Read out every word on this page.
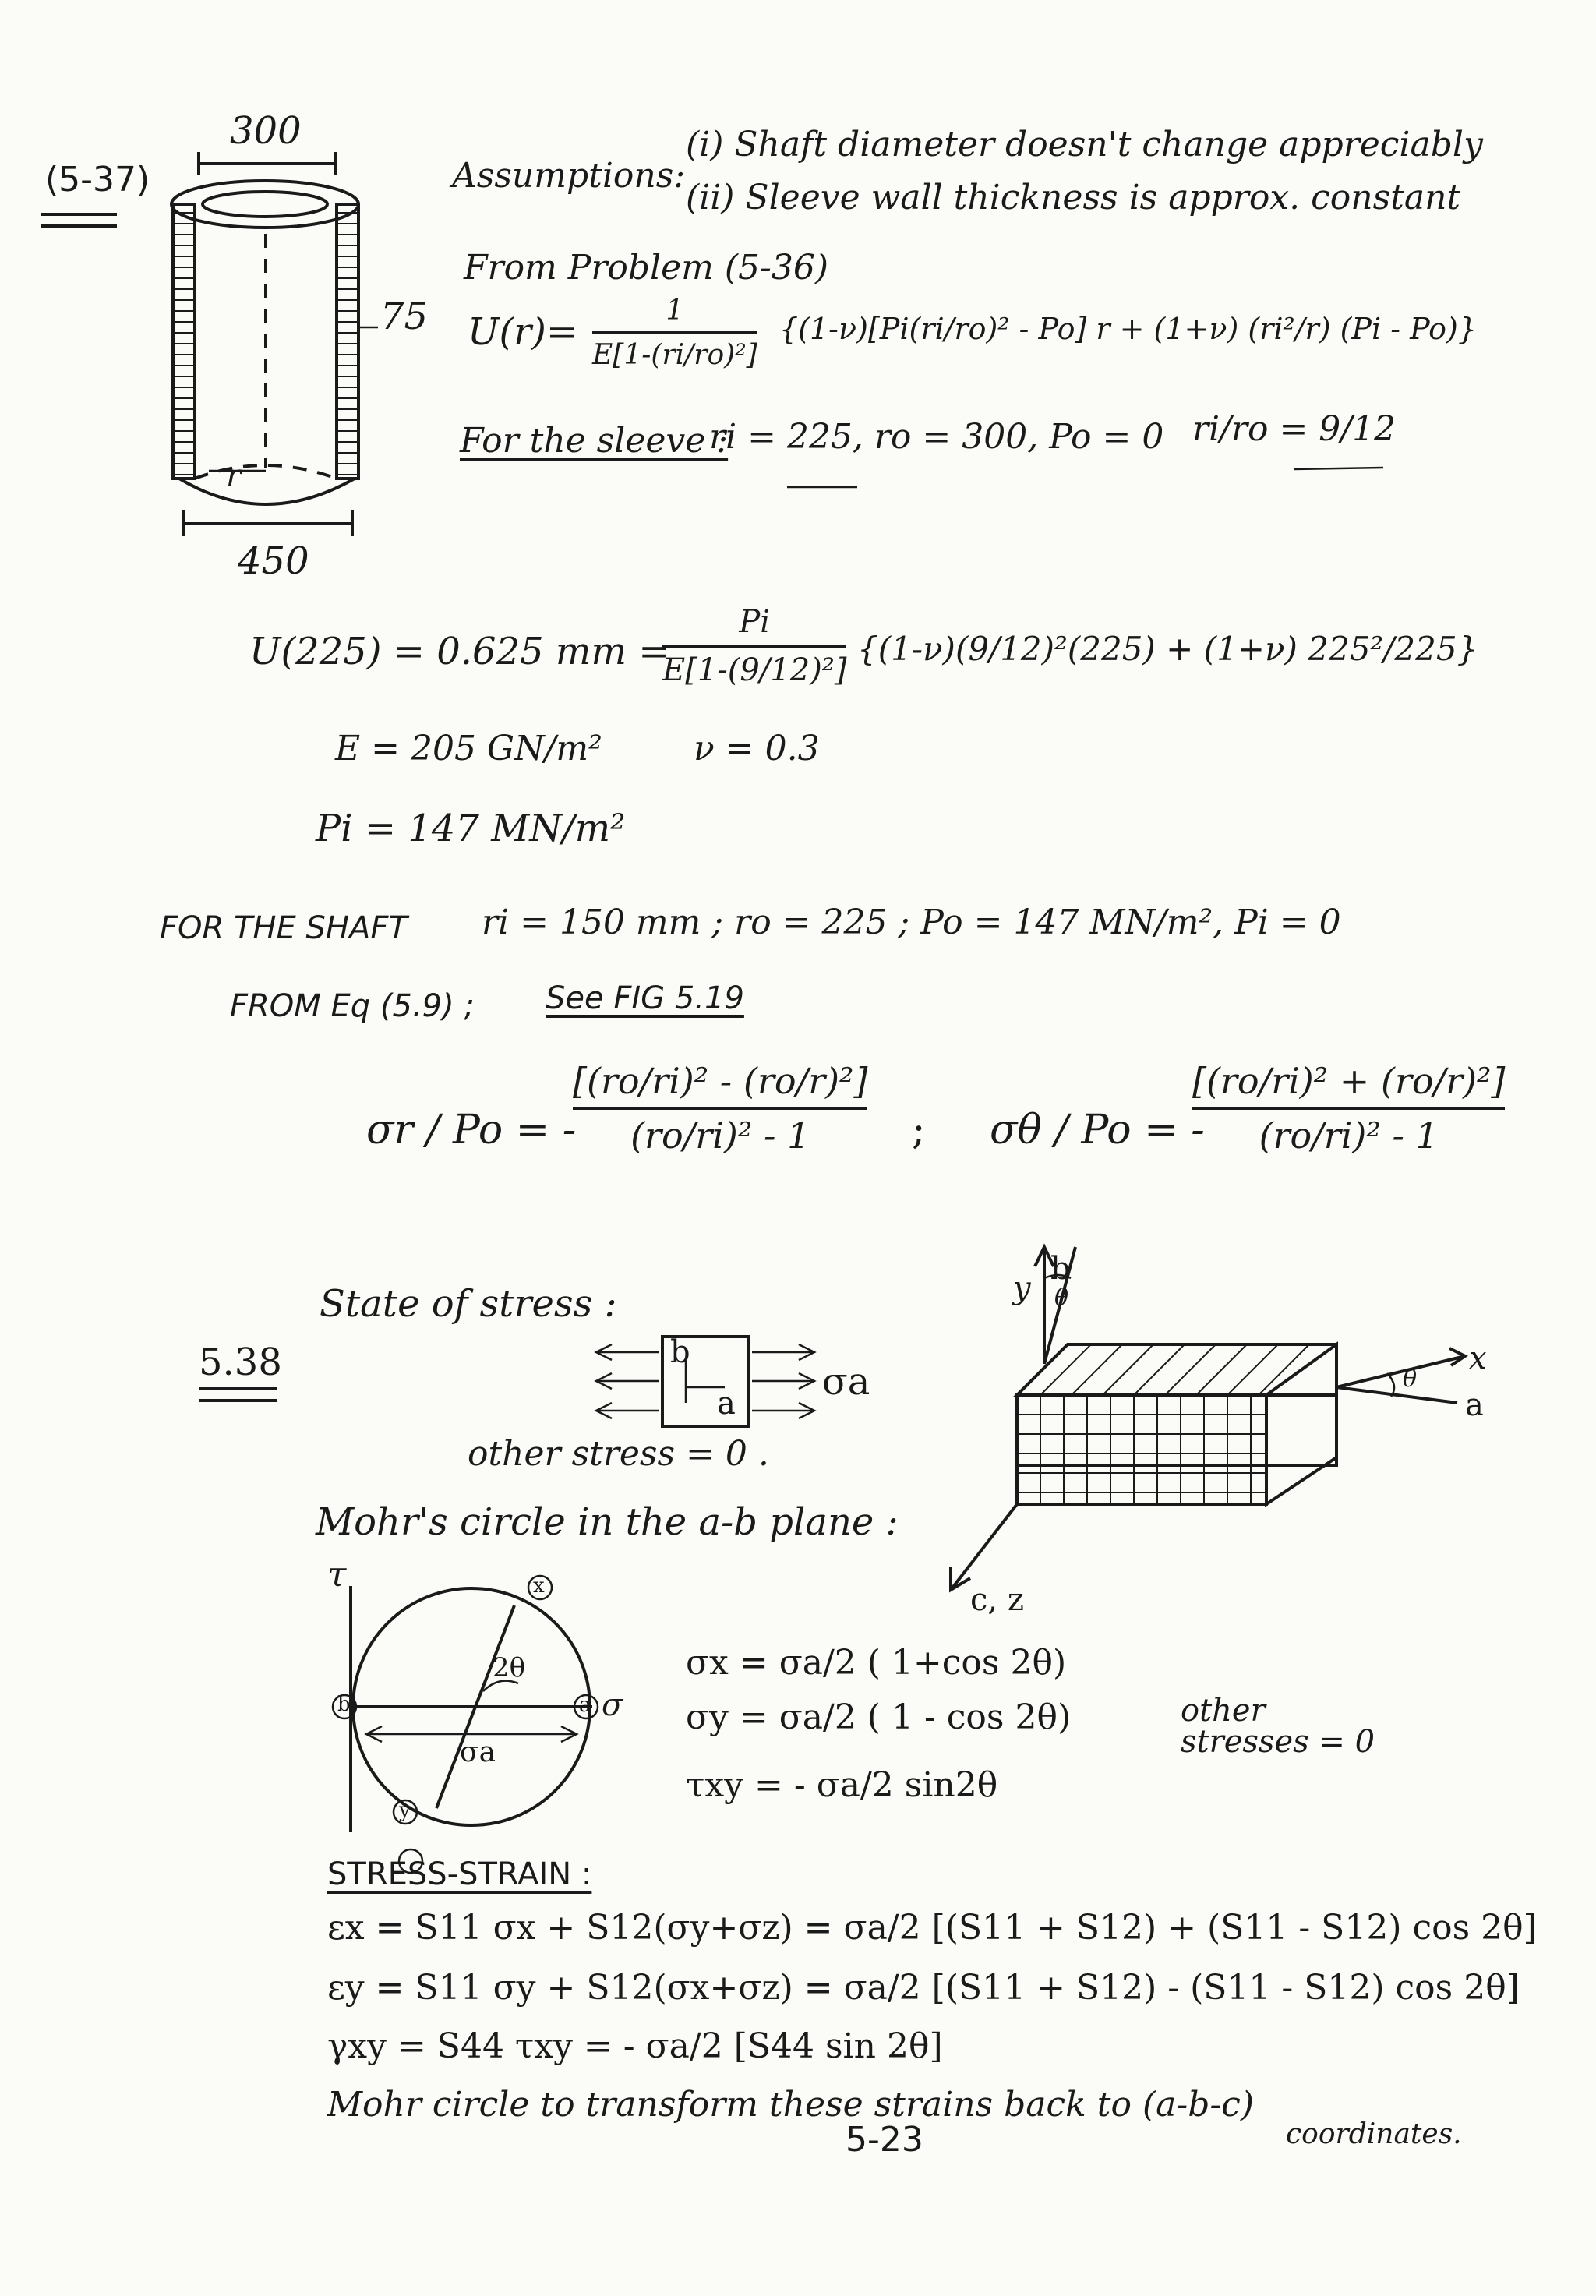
(5-37)
300
75
r
450
Assumptions:
(i) Shaft diameter doesn't change appreciably
(ii) Sleeve wall thickness is approx. constant
From Problem (5-36)
U(r)=	1
E[1-(ri/ro)²]
{(1-ν)[Pi(ri/ro)² - Po] r + (1+ν) (ri²/r) (Pi - Po)}
For the sleeve :
ri = 225, ro = 300, Po = 0 ri/ro = 9/12
U(225) = 0.625 mm =
Pi
E[1-(9/12)²]
{(1-ν)(9/12)²(225) + (1+ν) 225²/225}
E = 205 GN/m²	ν = 0.3
Pi = 147 MN/m²
FOR THE SHAFT ri = 150 mm ; ro = 225 ; Po = 147 MN/m², Pi = 0
FROM Eq (5.9) ; See FIG 5.19
σr / Po = -
[(ro/ri)² - (ro/r)²]
(ro/ri)² - 1	; σθ / Po = -
[(ro/ri)² + (ro/r)²]
(ro/ri)² - 1
5.38
State of stress :
b
a σa
other stress = 0 .
Mohr's circle in the a-b plane :
τ
σ
x
y
a
b
2θ
σa
σx = σa/2 ( 1+cos 2θ)
σy = σa/2 ( 1 - cos 2θ)
τxy = - σa/2 sin2θ
other
stresses = 0
y
b
θ
x
a
θ
c, z
STRESS-STRAIN :
εx = S11 σx + S12(σy+σz) = σa/2 [(S11 + S12) + (S11 - S12) cos 2θ]
εy = S11 σy + S12(σx+σz) = σa/2 [(S11 + S12) - (S11 - S12) cos 2θ]
γxy = S44 τxy = - σa/2 [S44 sin 2θ]
Mohr circle to transform these strains back to (a-b-c)
coordinates.
5-23
